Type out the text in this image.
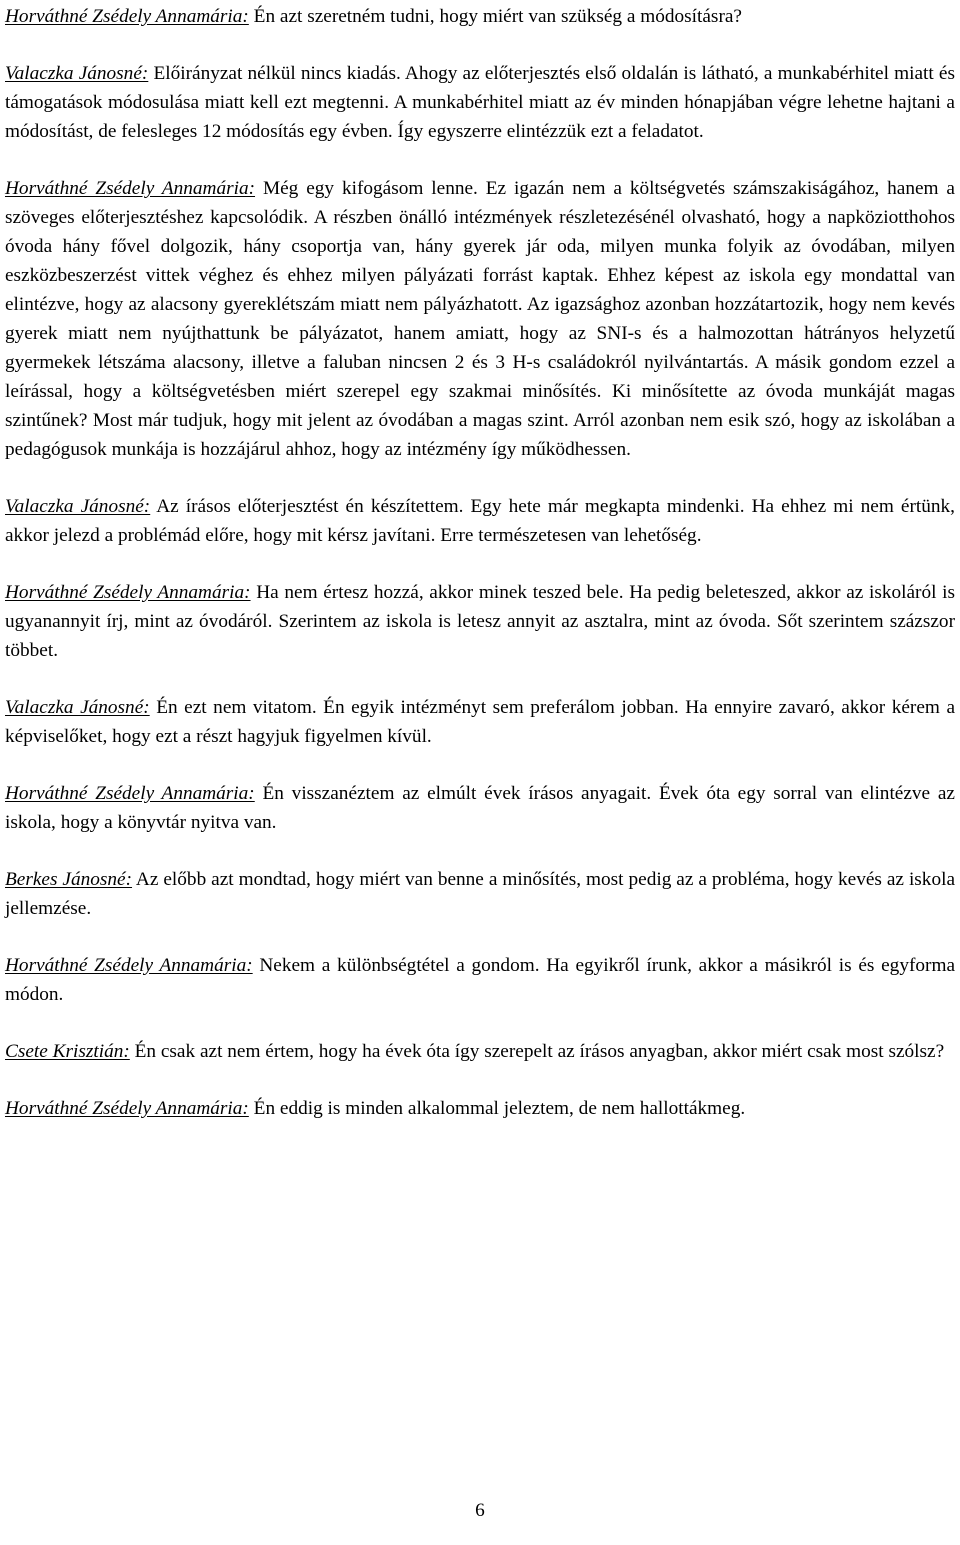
Horváthné Zsédely Annamária: Én azt szeretném tudni, hogy miért van szükség a módosításra?

Valaczka Jánosné: Előirányzat nélkül nincs kiadás. Ahogy az előterjesztés első oldalán is látható, a munkabérhitel miatt és támogatások módosulása miatt kell ezt megtenni. A munkabérhitel miatt az év minden hónapjában végre lehetne hajtani a módosítást, de felesleges 12 módosítás egy évben. Így egyszerre elintézzük ezt a feladatot.

Horváthné Zsédely Annamária: Még egy kifogásom lenne. Ez igazán nem a költségvetés számszakiságához, hanem a szöveges előterjesztéshez kapcsolódik. A részben önálló intézmények részletezésénél olvasható, hogy a napköziotthohos óvoda hány fővel dolgozik, hány csoportja van, hány gyerek jár oda, milyen munka folyik az óvodában, milyen eszközbeszerzést vittek véghez és ehhez milyen pályázati forrást kaptak. Ehhez képest az iskola egy mondattal van elintézve, hogy az alacsony gyereklétszám miatt nem pályázhatott. Az igazsághoz azonban hozzátartozik, hogy nem kevés gyerek miatt nem nyújthattunk be pályázatot, hanem amiatt, hogy az SNI-s és a halmozottan hátrányos helyzetű gyermekek létszáma alacsony, illetve a faluban nincsen 2 és 3 H-s családokról nyilvántartás. A másik gondom ezzel a leírással, hogy a költségvetésben miért szerepel egy szakmai minősítés. Ki minősítette az óvoda munkáját magas szintűnek? Most már tudjuk, hogy mit jelent az óvodában a magas szint. Arról azonban nem esik szó, hogy az iskolában a pedagógusok munkája is hozzájárul ahhoz, hogy az intézmény így működhessen.

Valaczka Jánosné: Az írásos előterjesztést én készítettem. Egy hete már megkapta mindenki. Ha ehhez mi nem értünk, akkor jelezd a problémád előre, hogy mit kérsz javítani. Erre természetesen van lehetőség.

Horváthné Zsédely Annamária: Ha nem értesz hozzá, akkor minek teszed bele. Ha pedig beleteszed, akkor az iskoláról is ugyanannyit írj, mint az óvodáról. Szerintem az iskola is letesz annyit az asztalra, mint az óvoda. Sőt szerintem százszor többet.

Valaczka Jánosné: Én ezt nem vitatom. Én egyik intézményt sem preferálom jobban. Ha ennyire zavaró, akkor kérem a képviselőket, hogy ezt a részt hagyjuk figyelmen kívül.

Horváthné Zsédely Annamária: Én visszanéztem az elmúlt évek írásos anyagait. Évek óta egy sorral van elintézve az iskola, hogy a könyvtár nyitva van.

Berkes Jánosné: Az előbb azt mondtad, hogy miért van benne a minősítés, most pedig az a probléma, hogy kevés az iskola jellemzése.

Horváthné Zsédely Annamária: Nekem a különbségtétel a gondom. Ha egyikről írunk, akkor a másikról is és egyforma módon.

Csete Krisztián: Én csak azt nem értem, hogy ha évek óta így szerepelt az írásos anyagban, akkor miért csak most szólsz?

Horváthné Zsédely Annamária: Én eddig is minden alkalommal jeleztem, de nem hallottákmeg.

6
